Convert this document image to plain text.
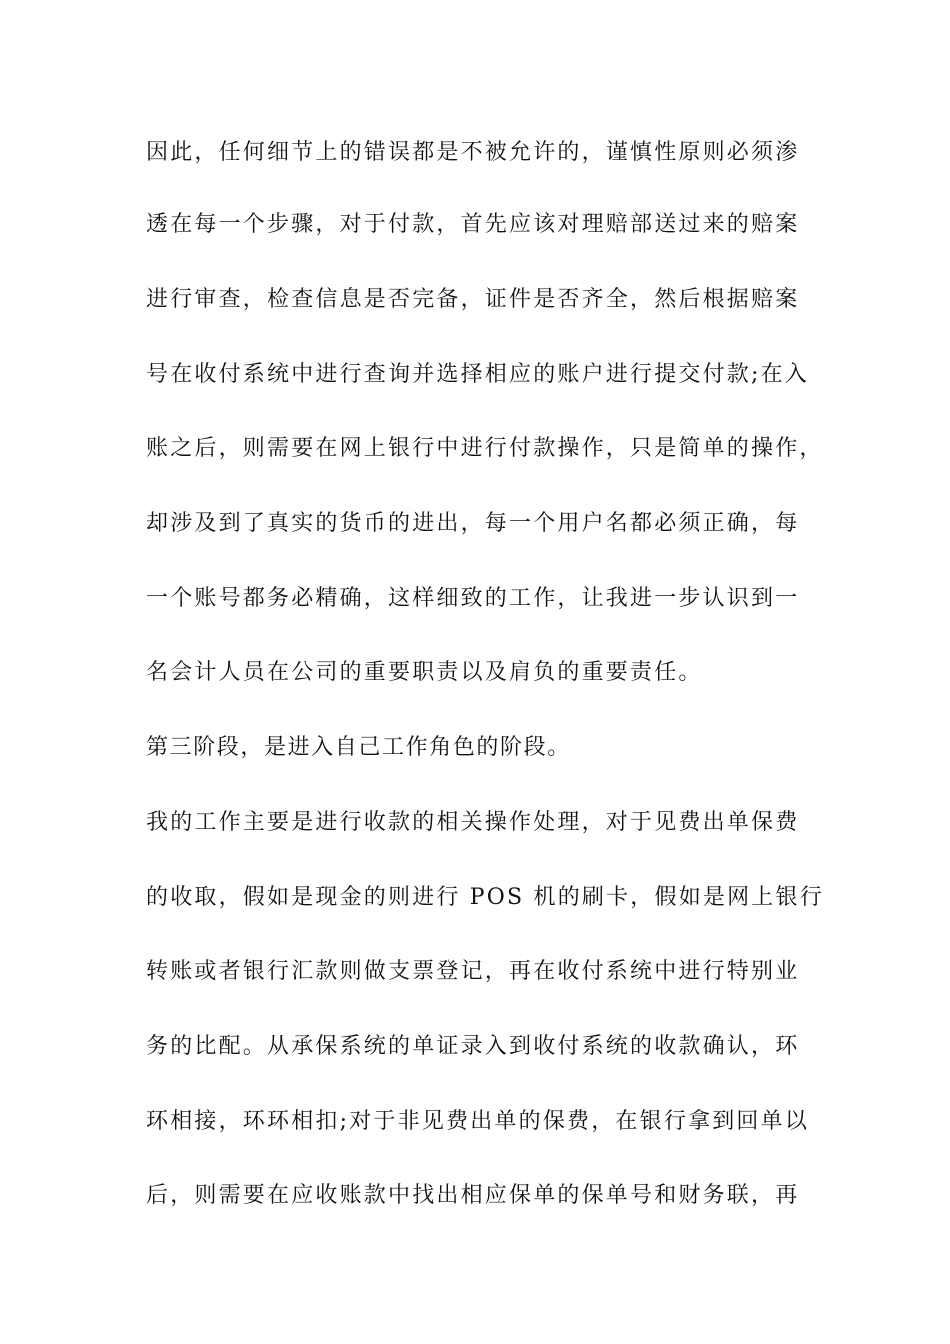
因此，任何细节上的错误都是不被允许的，谨慎性原则必须渗
透在每一个步骤，对于付款，首先应该对理赔部送过来的赔案
进行审查，检查信息是否完备，证件是否齐全，然后根据赔案
号在收付系统中进行查询并选择相应的账户进行提交付款;在入
账之后，则需要在网上银行中进行付款操作，只是简单的操作，
却涉及到了真实的货币的进出，每一个用户名都必须正确，每
一个账号都务必精确，这样细致的工作，让我进一步认识到一
名会计人员在公司的重要职责以及肩负的重要责任。
第三阶段，是进入自己工作角色的阶段。
我的工作主要是进行收款的相关操作处理，对于见费出单保费
的收取，假如是现金的则进行 POS 机的刷卡，假如是网上银行
转账或者银行汇款则做支票登记，再在收付系统中进行特别业
务的比配。从承保系统的单证录入到收付系统的收款确认，环
环相接，环环相扣;对于非见费出单的保费，在银行拿到回单以
后，则需要在应收账款中找出相应保单的保单号和财务联，再
